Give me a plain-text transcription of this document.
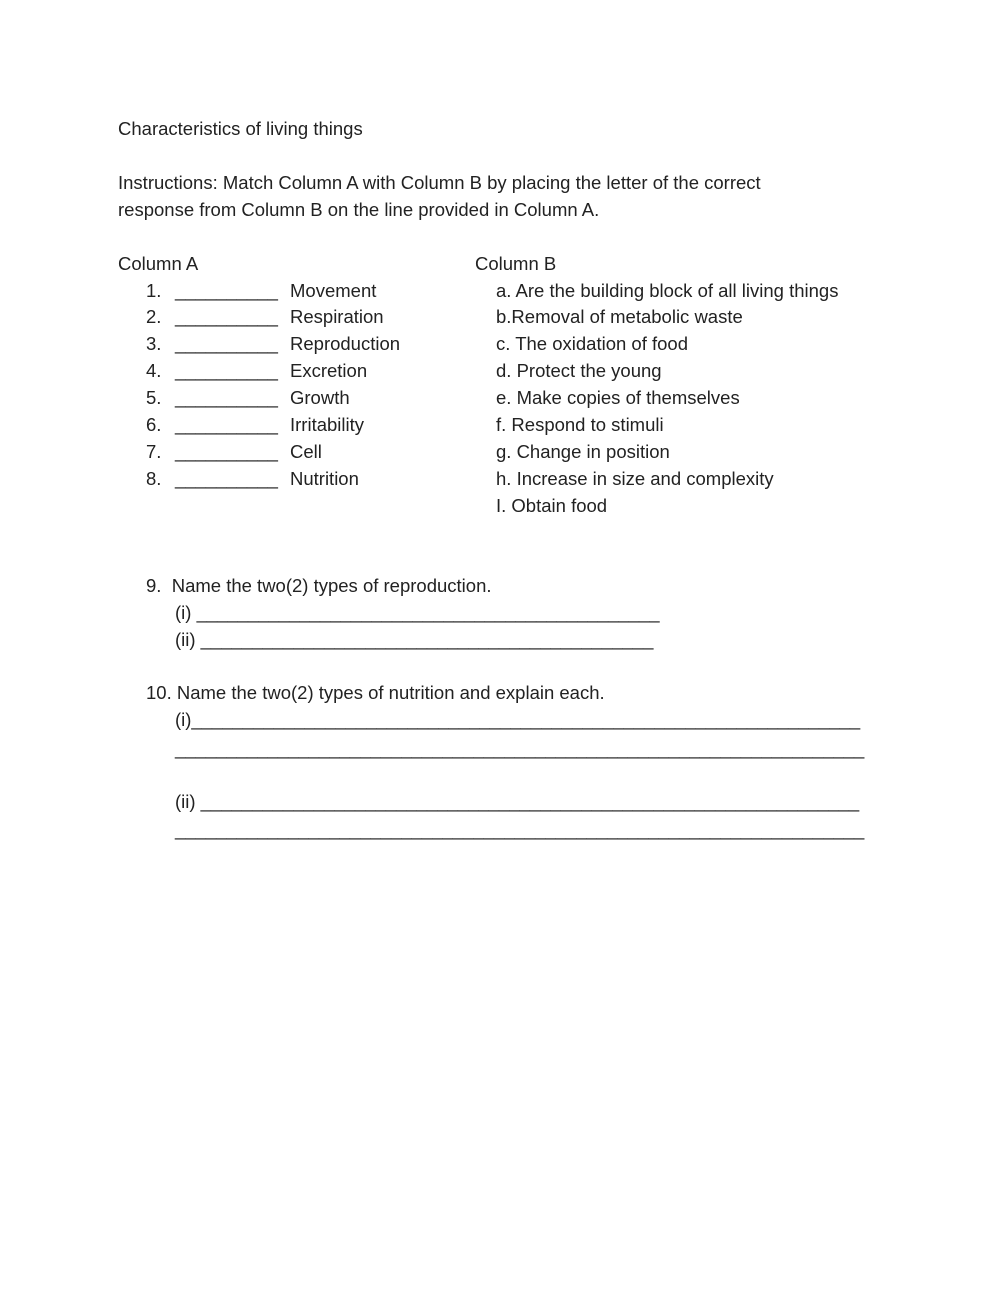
Characteristics of living things
Instructions: Match Column A with Column B by placing the letter of the correct
response from Column B on the line provided in Column A.
Column A	Column B
1. __________ Movement
2. __________ Respiration
3. __________ Reproduction
4. __________ Excretion
5. __________ Growth
6. __________ Irritability
7. __________ Cell
8. __________ Nutrition
a. Are the building block of all living things
b.Removal of metabolic waste
c. The oxidation of food
d. Protect the young
e. Make copies of themselves
f. Respond to stimuli
g. Change in position
h. Increase in size and complexity
I. Obtain food
9.  Name the two(2) types of reproduction.
(i) _____________________________________________
(ii) ____________________________________________
10. Name the two(2) types of nutrition and explain each.
(i)_________________________________________________________________
___________________________________________________________________
(ii) ________________________________________________________________
___________________________________________________________________
